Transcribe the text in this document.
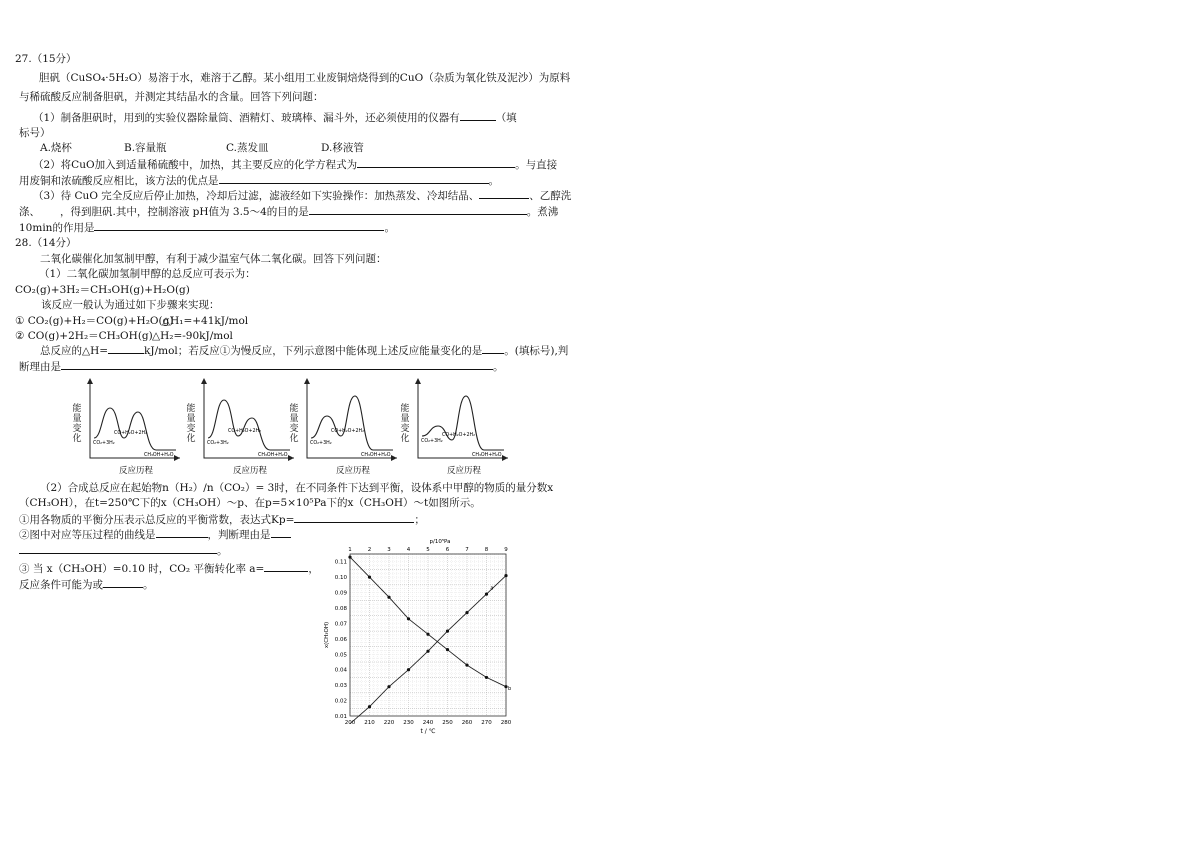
27.（15分）
胆矾（CuSO₄·5H₂O）易溶于水，难溶于乙醇。某小组用工业废铜焙烧得到的CuO（杂质为氧化铁及泥沙）为原料
与稀硫酸反应制备胆矾，并测定其结晶水的含量。回答下列问题：
（1）制备胆矾时，用到的实验仪器除量筒、酒精灯、玻璃棒、漏斗外，还必须使用的仪器有	（填
标号）
A.烧杯	B.容量瓶	C.蒸发皿	D.移液管
（2）将CuO加入到适量稀硫酸中，加热，其主要反应的化学方程式为	。与直接
用废铜和浓硫酸反应相比，该方法的优点是	。
（3）待 CuO 完全反应后停止加热，冷却后过滤，滤液经如下实验操作：加热蒸发、冷却结晶、	、乙醇洗
涤、 ，得到胆矾.其中，控制溶液 pH值为 3.5～4的目的是	。煮沸
10min的作用是	。
28.（14分）
二氧化碳催化加氢制甲醇，有利于减少温室气体二氧化碳。回答下列问题：
（1）二氧化碳加氢制甲醇的总反应可表示为：
CO₂(g)+3H₂＝CH₃OH(g)+H₂O(g)
该反应一般认为通过如下步骤来实现：
① CO₂(g)+H₂＝CO(g)+H₂O(g)
△H₁=+41kJ/mol
② CO(g)+2H₂＝CH₃OH(g) △H₂=-90kJ/mol
总反应的△H=	kJ/mol；若反应①为慢反应，下列示意图中能体现上述反应能量变化的是 。(填标号),判
断理由是	。
能
量
变
化 CO₂+3H₂
CO+H₂O+2H₂
CH₃OH+H₂O
反应历程
能
量
变
化 CO₂+3H₂
CO+H₂O+2H₂
CH₃OH+H₂O
反应历程
能
量
变
化 CO₂+3H₂
CO+H₂O+2H₂
CH₃OH+H₂O
反应历程
能
量
变
化 CO₂+3H₂
CO+H₂O+2H₂
CH₃OH+H₂O
反应历程
（2）合成总反应在起始物n（H₂）/n（CO₂）= 3时，在不同条件下达到平衡，设体系中甲醇的物质的量分数x
（CH₃OH），在t=250℃下的x（CH₃OH）～p、在p=5×10⁵Pa下的x（CH₃OH）～t如图所示。
①用各物质的平衡分压表示总反应的平衡常数，表达式Kp=	；
②图中对应等压过程的曲线是	，判断理由是
。
③ 当 x（CH₃OH）=0.10 时，CO₂ 平衡转化率 a=	，
反应条件可能为或	。
200 210 220 230 240 250 260 270 280
1	2	3	4	5	6	7	8	9
p/10⁵Pa
0.01
0.02
0.03
0.04
0.05
0.06
0.07
0.08
0.09
0.10
0.11
t / ℃
x(CH₃OH)
a
b
